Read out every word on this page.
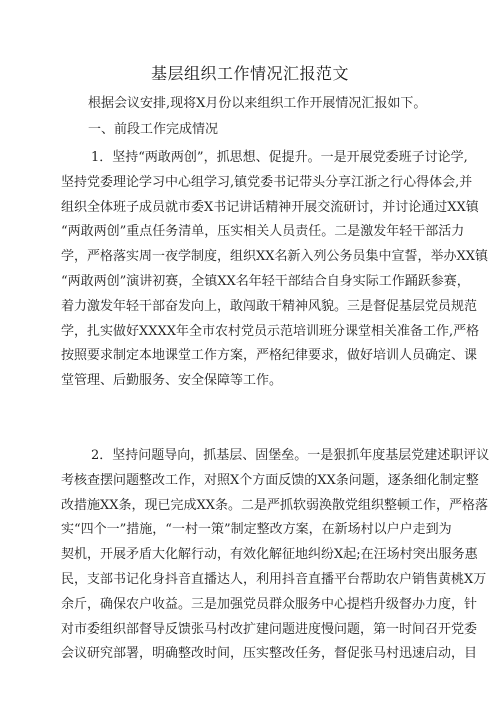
基层组织工作情况汇报范文
根据会议安排,现将X月份以来组织工作开展情况汇报如下。
一、前段工作完成情况
1．坚持“两敢两创”，抓思想、促提升。一是开展党委班子讨论学,
坚持党委理论学习中心组学习,镇党委书记带头分享江浙之行心得体会,并
组织全体班子成员就市委X书记讲话精神开展交流研讨，并讨论通过XX镇
“两敢两创”重点任务清单，压实相关人员责任。二是激发年轻干部活力
学，严格落实周一夜学制度，组织XX名新入列公务员集中宣誓，举办XX镇
“两敢两创”演讲初赛，全镇XX名年轻干部结合自身实际工作踊跃参赛，
着力激发年轻干部奋发向上，敢闯敢干精神风貌。三是督促基层党员规范
学，扎实做好XXXX年全市农村党员示范培训班分课堂相关准备工作,严格
按照要求制定本地课堂工作方案，严格纪律要求，做好培训人员确定、课
堂管理、后勤服务、安全保障等工作。
2．坚持问题导向，抓基层、固堡垒。一是狠抓年度基层党建述职评议
考核查摆问题整改工作，对照X个方面反馈的XX条问题，逐条细化制定整
改措施XX条，现已完成XX条。二是严抓软弱涣散党组织整顿工作，严格落
实“四个一”措施，“一村一策”制定整改方案，在新场村以户户走到为
契机，开展矛盾大化解行动，有效化解征地纠纷X起;在汪场村突出服务惠
民，支部书记化身抖音直播达人，利用抖音直播平台帮助农户销售黄桃X万
余斤，确保农户收益。三是加强党员群众服务中心提档升级督办力度，针
对市委组织部督导反馈张马村改扩建问题进度慢问题，第一时间召开党委
会议研究部署，明确整改时间，压实整改任务，督促张马村迅速启动，目
